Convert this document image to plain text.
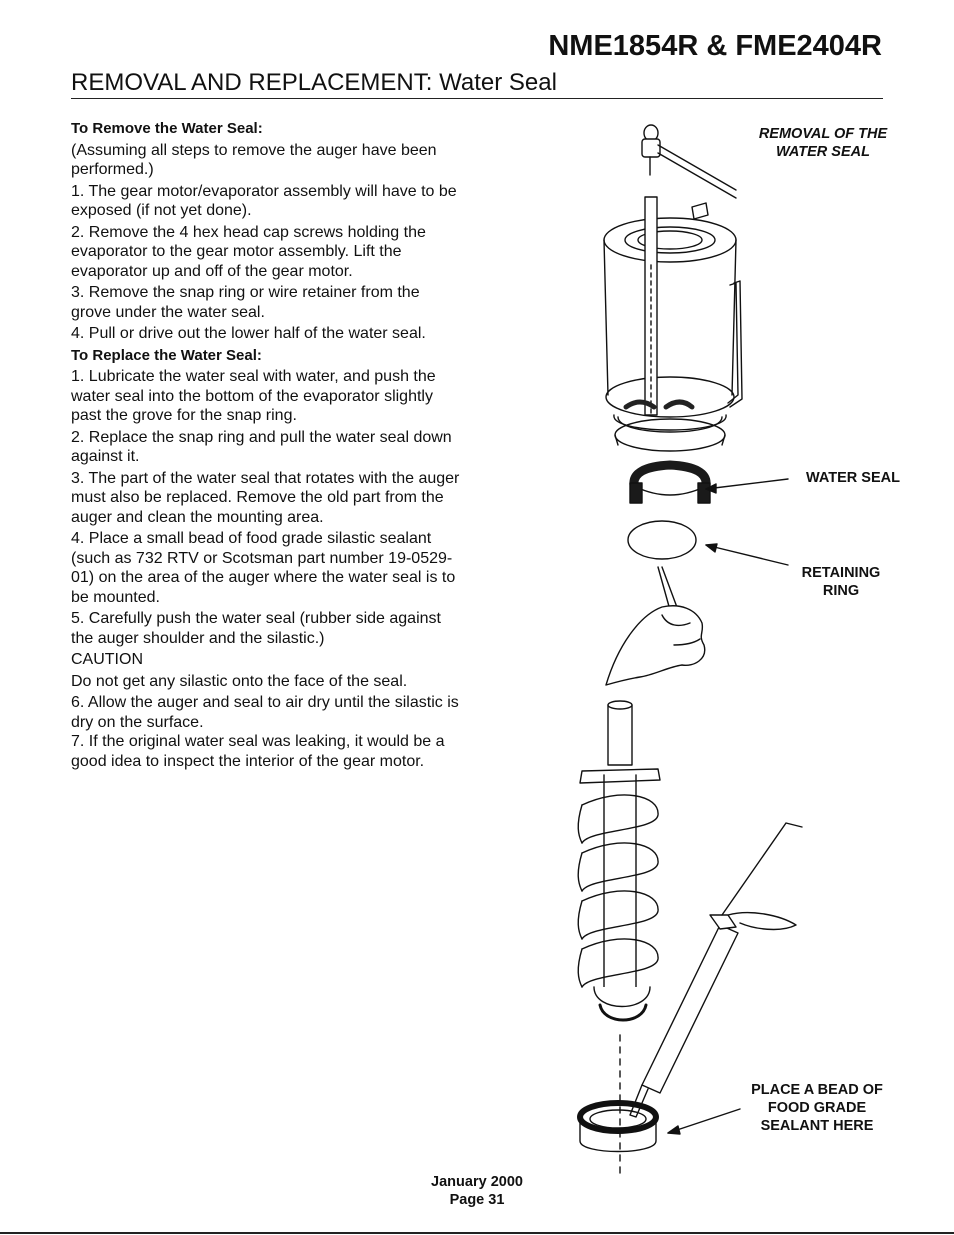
NME1854R & FME2404R
REMOVAL AND REPLACEMENT: Water Seal

To Remove the Water Seal:

(Assuming all steps to remove the auger have been performed.)

1. The gear motor/evaporator assembly will have to be exposed (if not yet done).

2. Remove the 4 hex head cap screws holding the evaporator to the gear motor assembly. Lift the evaporator up and off of the gear motor.

3. Remove the snap ring or wire retainer from the grove under the water seal.

4. Pull or drive out the lower half of the water seal.

To Replace the Water Seal:

1. Lubricate the water seal with water, and push the water seal into the bottom of the evaporator slightly past the grove for the snap ring.

2. Replace the snap ring and pull the water seal down against it.

3. The part of the water seal that rotates with the auger must also be replaced. Remove the old part from the auger and clean the mounting area.

4. Place a small bead of food grade silastic sealant (such as 732 RTV or Scotsman part number 19-0529-01) on the area of the auger where the water seal is to be mounted.

5. Carefully push the water seal (rubber side against the auger shoulder and the silastic.)

CAUTION

Do not get any silastic onto the face of the seal.

6. Allow the auger and seal to air dry until the silastic is dry on the surface.

7. If the original water seal was leaking, it would be a good idea to inspect the interior of the gear motor.

REMOVAL OF THE WATER SEAL
WATER SEAL
RETAINING RING
PLACE A BEAD OF FOOD GRADE SEALANT HERE
January 2000
Page 31
